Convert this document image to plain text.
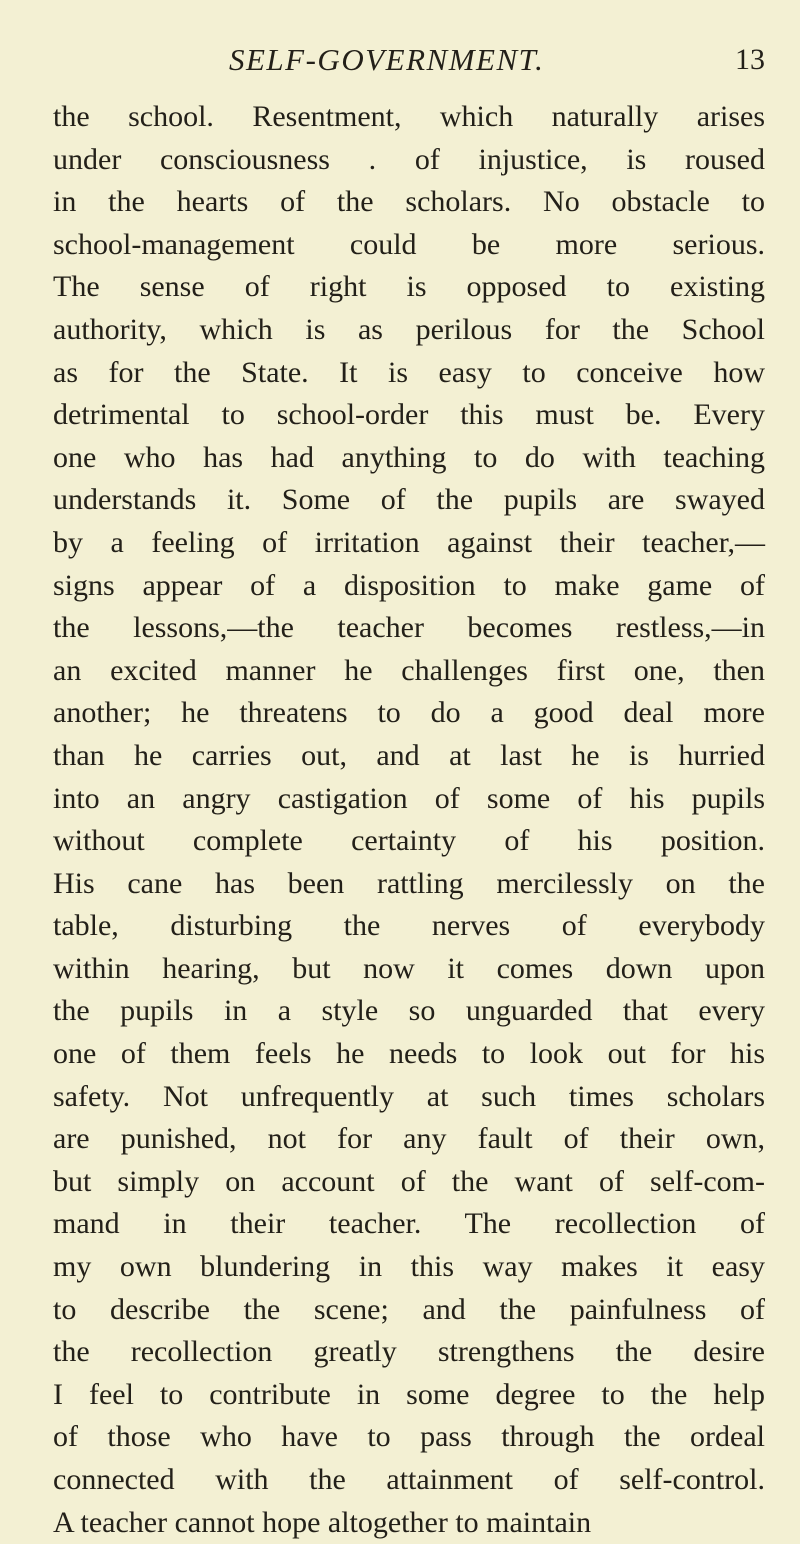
SELF-GOVERNMENT.	13
the school. Resentment, which naturally arises
under consciousness . of injustice, is roused
in the hearts of the scholars. No obstacle to
school-management could be more serious.
The sense of right is opposed to existing
authority, which is as perilous for the School
as for the State. It is easy to conceive how
detrimental to school-order this must be. Every
one who has had anything to do with teaching
understands it. Some of the pupils are swayed
by a feeling of irritation against their teacher,—
signs appear of a disposition to make game of
the lessons,—the teacher becomes restless,—in
an excited manner he challenges first one, then
another; he threatens to do a good deal more
than he carries out, and at last he is hurried
into an angry castigation of some of his pupils
without complete certainty of his position.
His cane has been rattling mercilessly on the
table, disturbing the nerves of everybody
within hearing, but now it comes down upon
the pupils in a style so unguarded that every
one of them feels he needs to look out for his
safety. Not unfrequently at such times scholars
are punished, not for any fault of their own,
but simply on account of the want of self-com-
mand in their teacher. The recollection of
my own blundering in this way makes it easy
to describe the scene; and the painfulness of
the recollection greatly strengthens the desire
I feel to contribute in some degree to the help
of those who have to pass through the ordeal
connected with the attainment of self-control.
A teacher cannot hope altogether to maintain
